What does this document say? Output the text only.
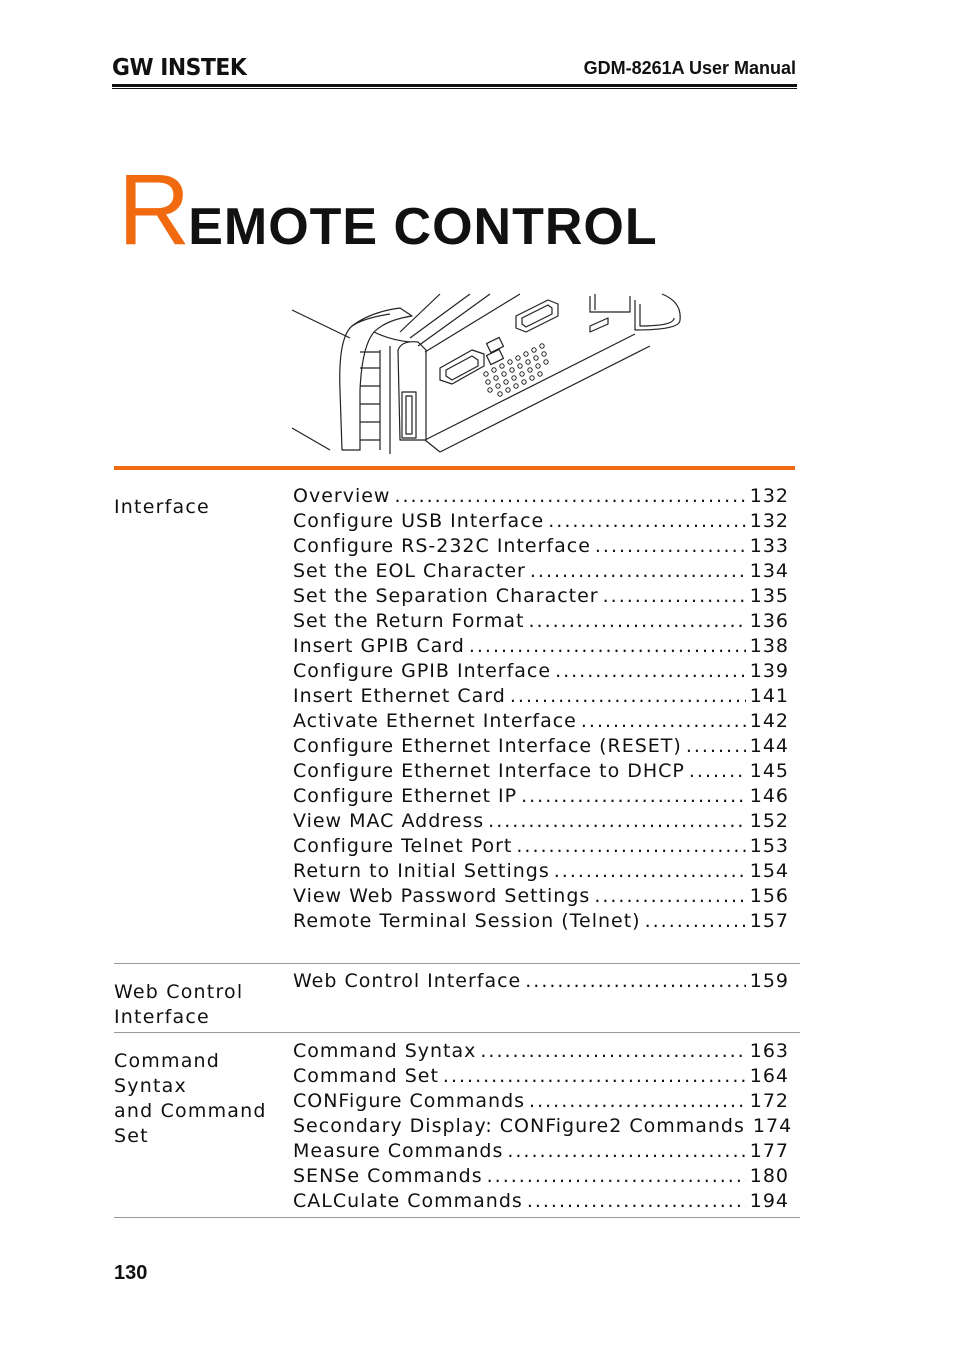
GW INSTEK	GDM-8261A User Manual
REMOTE CONTROL
Interface	Overview .....	132
Configure USB Interface .....	132
Configure RS-232C Interface .....	133
Set the EOL Character .....	134
Set the Separation Character .....	135
Set the Return Format .....	136
Insert GPIB Card .....	138
Configure GPIB Interface .....	139
Insert Ethernet Card .....	141
Activate Ethernet Interface .....	142
Configure Ethernet Interface (RESET) .....	144
Configure Ethernet Interface to DHCP .....	145
Configure Ethernet IP .....	146
View MAC Address .....	152
Configure Telnet Port .....	153
Return to Initial Settings .....	154
View Web Password Settings .....	156
Remote Terminal Session (Telnet) .....	157
Web Control
Interface
Web Control Interface .....	159
Command Syntax
and Command
Set
Command Syntax .....	163
Command Set .....	164
CONFigure Commands .....	172
Secondary Display: CONFigure2 Commands 174
Measure Commands .....	177
SENSe Commands .....	180
CALCulate Commands .....	194
130
